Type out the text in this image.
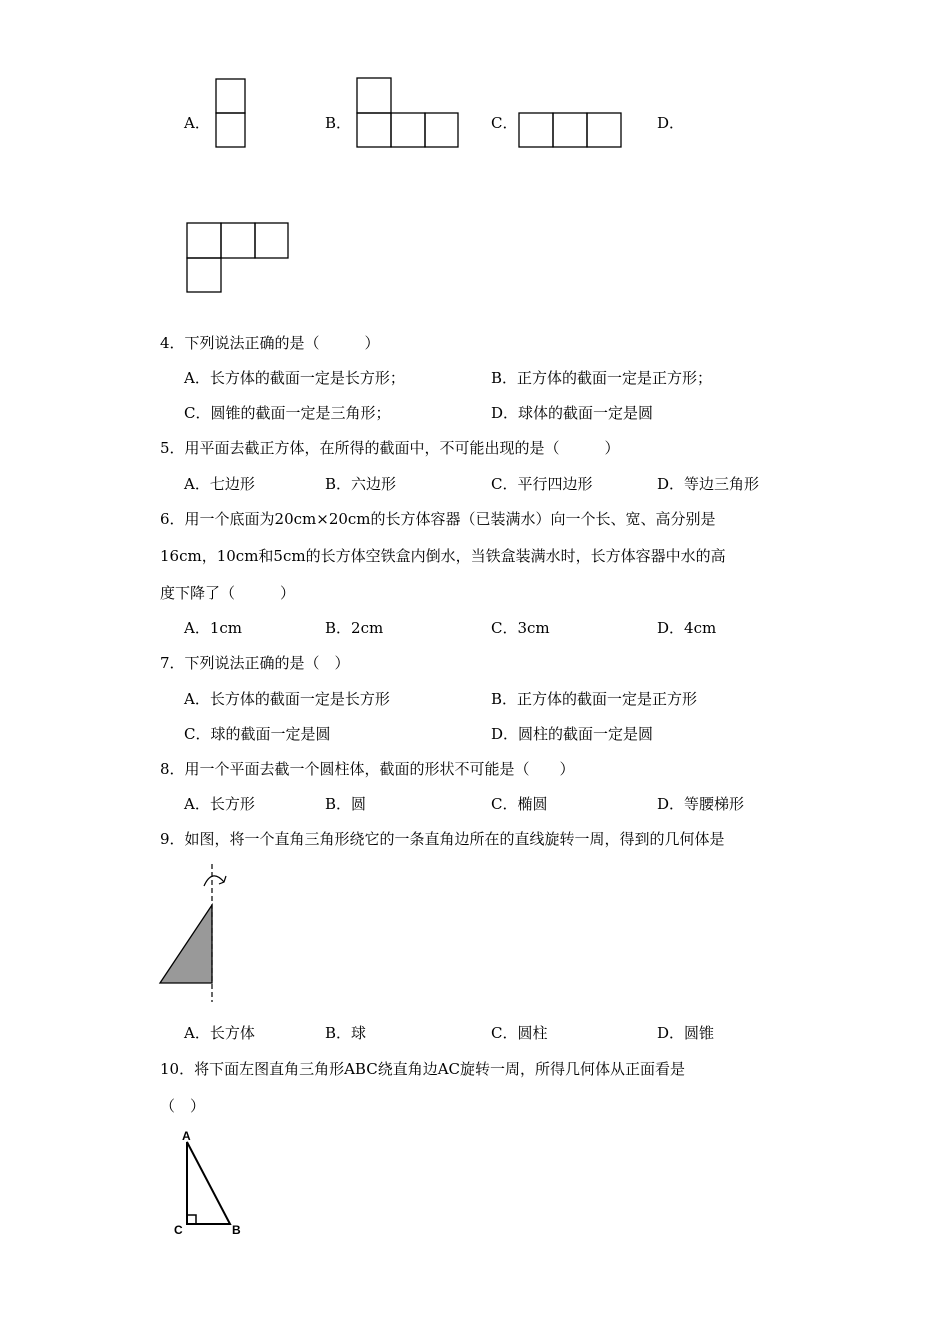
A．	B．	C．	D．
4．下列说法正确的是（　　　）
A．长方体的截面一定是长方形；	B．正方体的截面一定是正方形；
C．圆锥的截面一定是三角形；	D．球体的截面一定是圆
5．用平面去截正方体，在所得的截面中，不可能出现的是（　　　）
A．七边形	B．六边形	C．平行四边形	D．等边三角形
6．用一个底面为20cm×20cm的长方体容器（已装满水）向一个长、宽、高分别是
16cm，10cm和5cm的长方体空铁盒内倒水，当铁盒装满水时，长方体容器中水的高
度下降了（　　　）
A．1cm	B．2cm	C．3cm	D．4cm
7．下列说法正确的是（　）
A．长方体的截面一定是长方形	B．正方体的截面一定是正方形
C．球的截面一定是圆	D．圆柱的截面一定是圆
8．用一个平面去截一个圆柱体，截面的形状不可能是（　　）
A．长方形	B．圆	C．椭圆	D．等腰梯形
9．如图，将一个直角三角形绕它的一条直角边所在的直线旋转一周，得到的几何体是
A．长方体	B．球	C．圆柱	D．圆锥
10．将下面左图直角三角形ABC绕直角边AC旋转一周，所得几何体从正面看是
（　）
A
C	B
